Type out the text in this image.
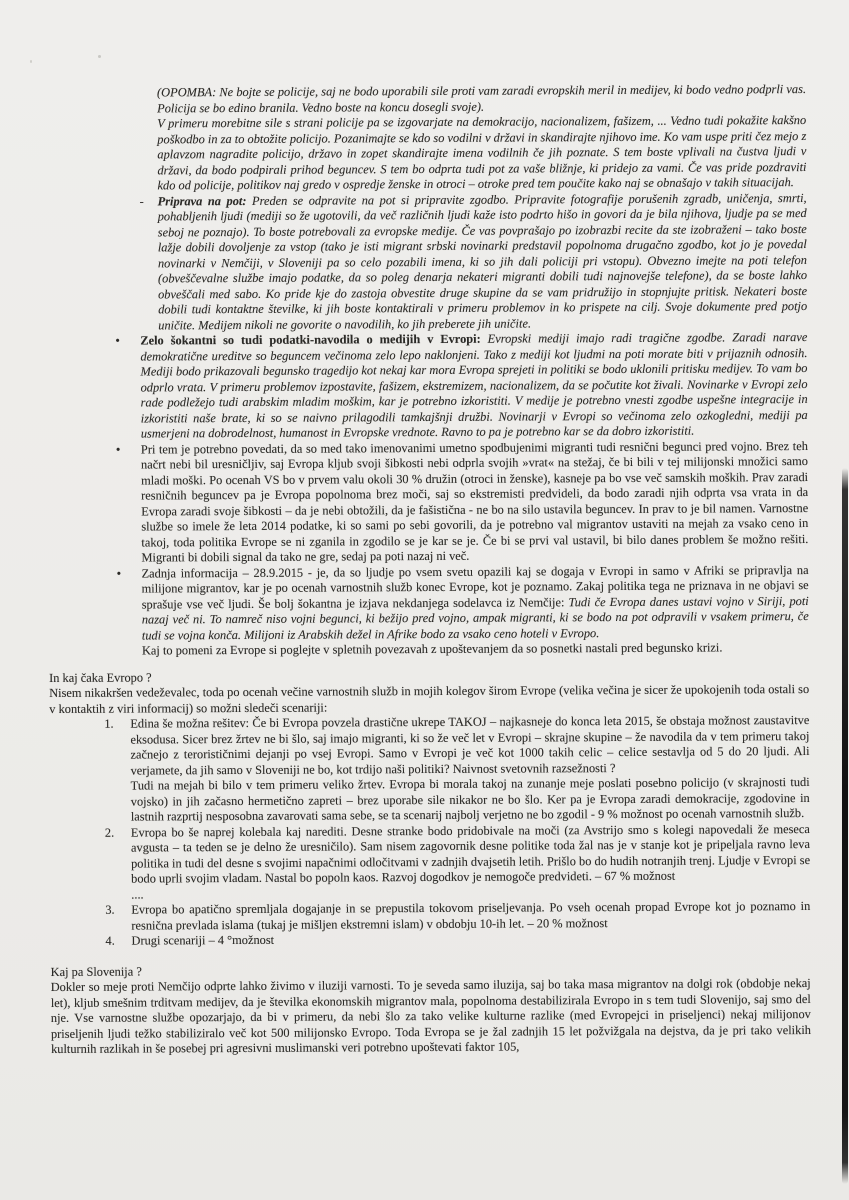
(OPOMBA: Ne bojte se policije, saj ne bodo uporabili sile proti vam zaradi evropskih meril in medijev, ki bodo vedno podprli vas. Policija se bo edino branila. Vedno boste na koncu dosegli svoje).

V primeru morebitne sile s strani policije pa se izgovarjate na demokracijo, nacionalizem, fašizem, ... Vedno tudi pokažite kakšno poškodbo in za to obtožite policijo. Pozanimajte se kdo so vodilni v državi in skandirajte njihovo ime. Ko vam uspe priti čez mejo z aplavzom nagradite policijo, državo in zopet skandirajte imena vodilnih če jih poznate. S tem boste vplivali na čustva ljudi v državi, da bodo podpirali prihod beguncev. S tem bo odprta tudi pot za vaše bližnje, ki pridejo za vami. Če vas pride pozdraviti kdo od policije, politikov naj gredo v ospredje ženske in otroci – otroke pred tem poučite kako naj se obnašajo v takih situacijah.

- Priprava na pot: Preden se odpravite na pot si pripravite zgodbo. Pripravite fotografije porušenih zgradb, uničenja, smrti, pohabljenih ljudi (mediji so že ugotovili, da več različnih ljudi kaže isto podrto hišo in govori da je bila njihova, ljudje pa se med seboj ne poznajo). To boste potrebovali za evropske medije. Če vas povprašajo po izobrazbi recite da ste izobraženi – tako boste lažje dobili dovoljenje za vstop (tako je isti migrant srbski novinarki predstavil popolnoma drugačno zgodbo, kot jo je povedal novinarki v Nemčiji, v Sloveniji pa so celo pozabili imena, ki so jih dali policiji pri vstopu). Obvezno imejte na poti telefon (obveščevalne službe imajo podatke, da so poleg denarja nekateri migranti dobili tudi najnovejše telefone), da se boste lahko obveščali med sabo. Ko pride kje do zastoja obvestite druge skupine da se vam pridružijo in stopnjujte pritisk. Nekateri boste dobili tudi kontaktne številke, ki jih boste kontaktirali v primeru problemov in ko prispete na cilj. Svoje dokumente pred potjo uničite. Medijem nikoli ne govorite o navodilih, ko jih preberete jih uničite.

• Zelo šokantni so tudi podatki-navodila o medijih v Evropi: Evropski mediji imajo radi tragične zgodbe. Zaradi narave demokratične ureditve so beguncem večinoma zelo lepo naklonjeni. Tako z mediji kot ljudmi na poti morate biti v prijaznih odnosih. Mediji bodo prikazovali begunsko tragedijo kot nekaj kar mora Evropa sprejeti in politiki se bodo uklonili pritisku medijev. To vam bo odprlo vrata. V primeru problemov izpostavite, fašizem, ekstremizem, nacionalizem, da se počutite kot živali. Novinarke v Evropi zelo rade podležejo tudi arabskim mladim moškim, kar je potrebno izkoristiti. V medije je potrebno vnesti zgodbe uspešne integracije in izkoristiti naše brate, ki so se naivno prilagodili tamkajšnji družbi. Novinarji v Evropi so večinoma zelo ozkogledni, mediji pa usmerjeni na dobrodelnost, humanost in Evropske vrednote. Ravno to pa je potrebno kar se da dobro izkoristiti.

• Pri tem je potrebno povedati, da so med tako imenovanimi umetno spodbujenimi migranti tudi resnični begunci pred vojno. Brez teh načrt nebi bil uresničljiv, saj Evropa kljub svoji šibkosti nebi odprla svojih »vrat« na stežaj, če bi bili v tej milijonski množici samo mladi moški. Po ocenah VS bo v prvem valu okoli 30 % družin (otroci in ženske), kasneje pa bo vse več samskih moških. Prav zaradi resničnih beguncev pa je Evropa popolnoma brez moči, saj so ekstremisti predvideli, da bodo zaradi njih odprta vsa vrata in da Evropa zaradi svoje šibkosti – da je nebi obtožili, da je fašistična - ne bo na silo ustavila beguncev. In prav to je bil namen. Varnostne službe so imele že leta 2014 podatke, ki so sami po sebi govorili, da je potrebno val migrantov ustaviti na mejah za vsako ceno in takoj, toda politika Evrope se ni zganila in zgodilo se je kar se je. Če bi se prvi val ustavil, bi bilo danes problem še možno rešiti. Migranti bi dobili signal da tako ne gre, sedaj pa poti nazaj ni več.

• Zadnja informacija – 28.9.2015 - je, da so ljudje po vsem svetu opazili kaj se dogaja v Evropi in samo v Afriki se pripravlja na milijone migrantov, kar je po ocenah varnostnih služb konec Evrope, kot je poznamo. Zakaj politika tega ne priznava in ne objavi se sprašuje vse več ljudi. Še bolj šokantna je izjava nekdanjega sodelavca iz Nemčije: Tudi če Evropa danes ustavi vojno v Siriji, poti nazaj več ni. To namreč niso vojni begunci, ki bežijo pred vojno, ampak migranti, ki se bodo na pot odpravili v vsakem primeru, če tudi se vojna konča. Milijoni iz Arabskih dežel in Afrike bodo za vsako ceno hoteli v Evropo.

Kaj to pomeni za Evrope si poglejte v spletnih povezavah z upoštevanjem da so posnetki nastali pred begunsko krizi.

In kaj čaka Evropo ?

Nisem nikakršen vedeževalec, toda po ocenah večine varnostnih služb in mojih kolegov širom Evrope (velika večina je sicer že upokojenih toda ostali so v kontaktih z viri informacij) so možni sledeči scenariji:

1. Edina še možna rešitev: Če bi Evropa povzela drastične ukrepe TAKOJ – najkasneje do konca leta 2015, še obstaja možnost zaustavitve eksodusa. Sicer brez žrtev ne bi šlo, saj imajo migranti, ki so že več let v Evropi – skrajne skupine – že navodila da v tem primeru takoj začnejo z terorističnimi dejanji po vsej Evropi. Samo v Evropi je več kot 1000 takih celic – celice sestavlja od 5 do 20 ljudi. Ali verjamete, da jih samo v Sloveniji ne bo, kot trdijo naši politiki? Naivnost svetovnih razsežnosti ?

Tudi na mejah bi bilo v tem primeru veliko žrtev. Evropa bi morala takoj na zunanje meje poslati posebno policijo (v skrajnosti tudi vojsko) in jih začasno hermetično zapreti – brez uporabe sile nikakor ne bo šlo. Ker pa je Evropa zaradi demokracije, zgodovine in lastnih razprtij nesposobna zavarovati sama sebe, se ta scenarij najbolj verjetno ne bo zgodil - 9 % možnost po ocenah varnostnih služb.

2. Evropa bo še naprej kolebala kaj narediti. Desne stranke bodo pridobivale na moči (za Avstrijo smo s kolegi napovedali že meseca avgusta – ta teden se je delno že uresničilo). Sam nisem zagovornik desne politike toda žal nas je v stanje kot je pripeljala ravno leva politika in tudi del desne s svojimi napačnimi odločitvami v zadnjih dvajsetih letih. Prišlo bo do hudih notranjih trenj. Ljudje v Evropi se bodo uprli svojim vladam. Nastal bo popoln kaos. Razvoj dogodkov je nemogoče predvideti. – 67 % možnost

....

3. Evropa bo apatično spremljala dogajanje in se prepustila tokovom priseljevanja. Po vseh ocenah propad Evrope kot jo poznamo in resnična prevlada islama (tukaj je mišljen ekstremni islam) v obdobju 10-ih let. – 20 % možnost

4. Drugi scenariji – 4 °možnost

Kaj pa Slovenija ?

Dokler so meje proti Nemčijo odprte lahko živimo v iluziji varnosti. To je seveda samo iluzija, saj bo taka masa migrantov na dolgi rok (obdobje nekaj let), kljub smešnim trditvam medijev, da je številka ekonomskih migrantov mala, popolnoma destabilizirala Evropo in s tem tudi Slovenijo, saj smo del nje. Vse varnostne službe opozarjajo, da bi v primeru, da nebi šlo za tako velike kulturne razlike (med Evropejci in priseljenci) nekaj milijonov priseljenih ljudi težko stabiliziralo več kot 500 milijonsko Evropo. Toda Evropa se je žal zadnjih 15 let požvižgala na dejstva, da je pri tako velikih kulturnih razlikah in še posebej pri agresivni muslimanski veri potrebno upoštevati faktor 105,
